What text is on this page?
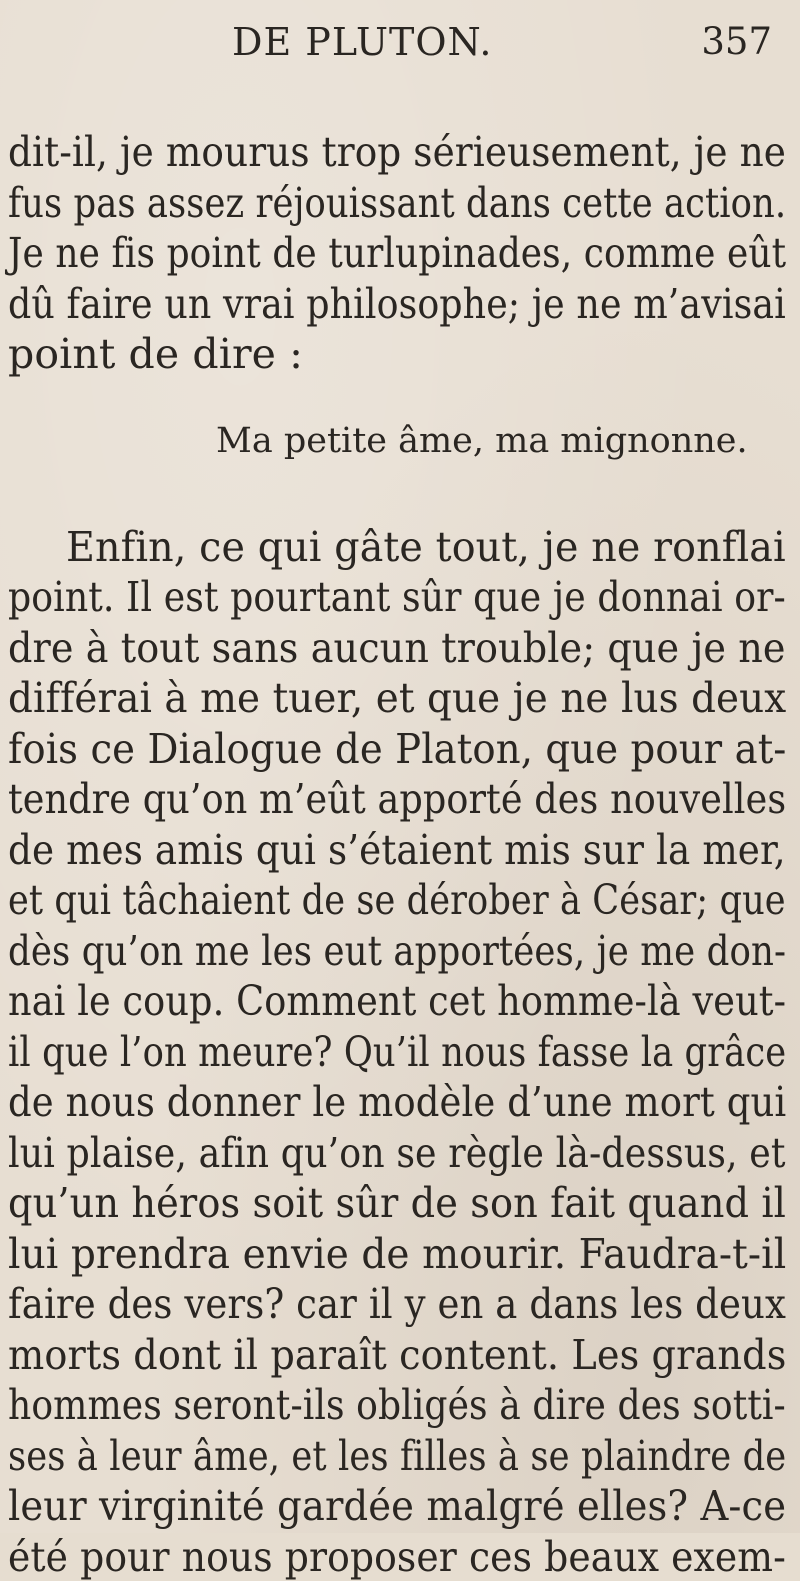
DE PLUTON.	357
dit-il, je mourus trop sérieusement, je ne
fus pas assez réjouissant dans cette action.
Je ne fis point de turlupinades, comme eût
dû faire un vrai philosophe; je ne m’avisai
point de dire :
Ma petite âme, ma mignonne.
Enfin, ce qui gâte tout, je ne ronflai
point. Il est pourtant sûr que je donnai or-
dre à tout sans aucun trouble; que je ne
différai à me tuer, et que je ne lus deux
fois ce Dialogue de Platon, que pour at-
tendre qu’on m’eût apporté des nouvelles
de mes amis qui s’étaient mis sur la mer,
et qui tâchaient de se dérober à César; que
dès qu’on me les eut apportées, je me don-
nai le coup. Comment cet homme-là veut-
il que l’on meure? Qu’il nous fasse la grâce
de nous donner le modèle d’une mort qui
lui plaise, afin qu’on se règle là-dessus, et
qu’un héros soit sûr de son fait quand il
lui prendra envie de mourir. Faudra-t-il
faire des vers? car il y en a dans les deux
morts dont il paraît content. Les grands
hommes seront-ils obligés à dire des sotti-
ses à leur âme, et les filles à se plaindre de
leur virginité gardée malgré elles? A-ce
été pour nous proposer ces beaux exem-
